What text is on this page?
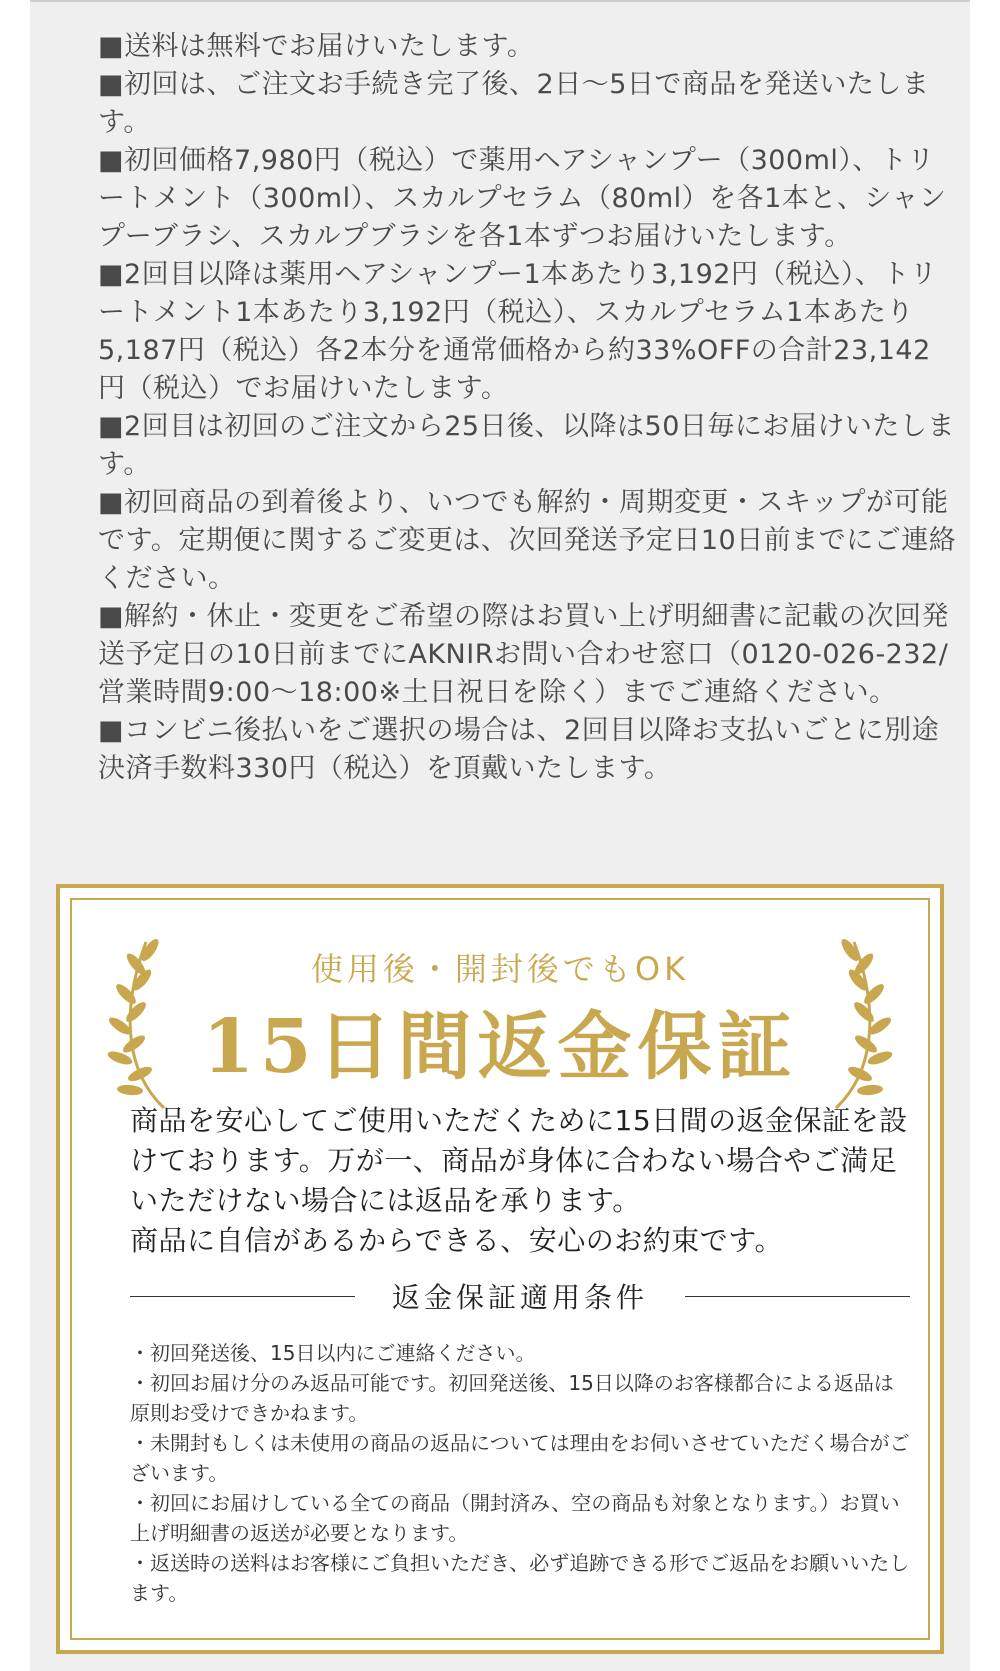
■送料は無料でお届けいたします。

■初回は、ご注文お手続き完了後、2日〜5日で商品を発送いたします。

■初回価格7,980円（税込）で薬用ヘアシャンプー（300ml）、トリートメント（300ml）、スカルプセラム（80ml）を各1本と、シャンプーブラシ、スカルプブラシを各1本ずつお届けいたします。

■2回目以降は薬用ヘアシャンプー1本あたり3,192円（税込）、トリートメント1本あたり3,192円（税込）、スカルプセラム1本あたり5,187円（税込）各2本分を通常価格から約33%OFFの合計23,142円（税込）でお届けいたします。

■2回目は初回のご注文から25日後、以降は50日毎にお届けいたします。

■初回商品の到着後より、いつでも解約・周期変更・スキップが可能です。定期便に関するご変更は、次回発送予定日10日前までにご連絡ください。

■解約・休止・変更をご希望の際はお買い上げ明細書に記載の次回発送予定日の10日前までにAKNIRお問い合わせ窓口（0120-026-232/営業時間9:00〜18:00※土日祝日を除く）までご連絡ください。

■コンビニ後払いをご選択の場合は、2回目以降お支払いごとに別途決済手数料330円（税込）を頂戴いたします。

使用後・開封後でもOK
15日間返金保証

商品を安心してご使用いただくために15日間の返金保証を設けております。万が一、商品が身体に合わない場合やご満足いただけない場合には返品を承ります。

商品に自信があるからできる、安心のお約束です。

返金保証適用条件

・初回発送後、15日以内にご連絡ください。

・初回お届け分のみ返品可能です。初回発送後、15日以降のお客様都合による返品は原則お受けできかねます。

・未開封もしくは未使用の商品の返品については理由をお伺いさせていただく場合がございます。

・初回にお届けしている全ての商品（開封済み、空の商品も対象となります。）お買い上げ明細書の返送が必要となります。

・返送時の送料はお客様にご負担いただき、必ず追跡できる形でご返品をお願いいたします。
